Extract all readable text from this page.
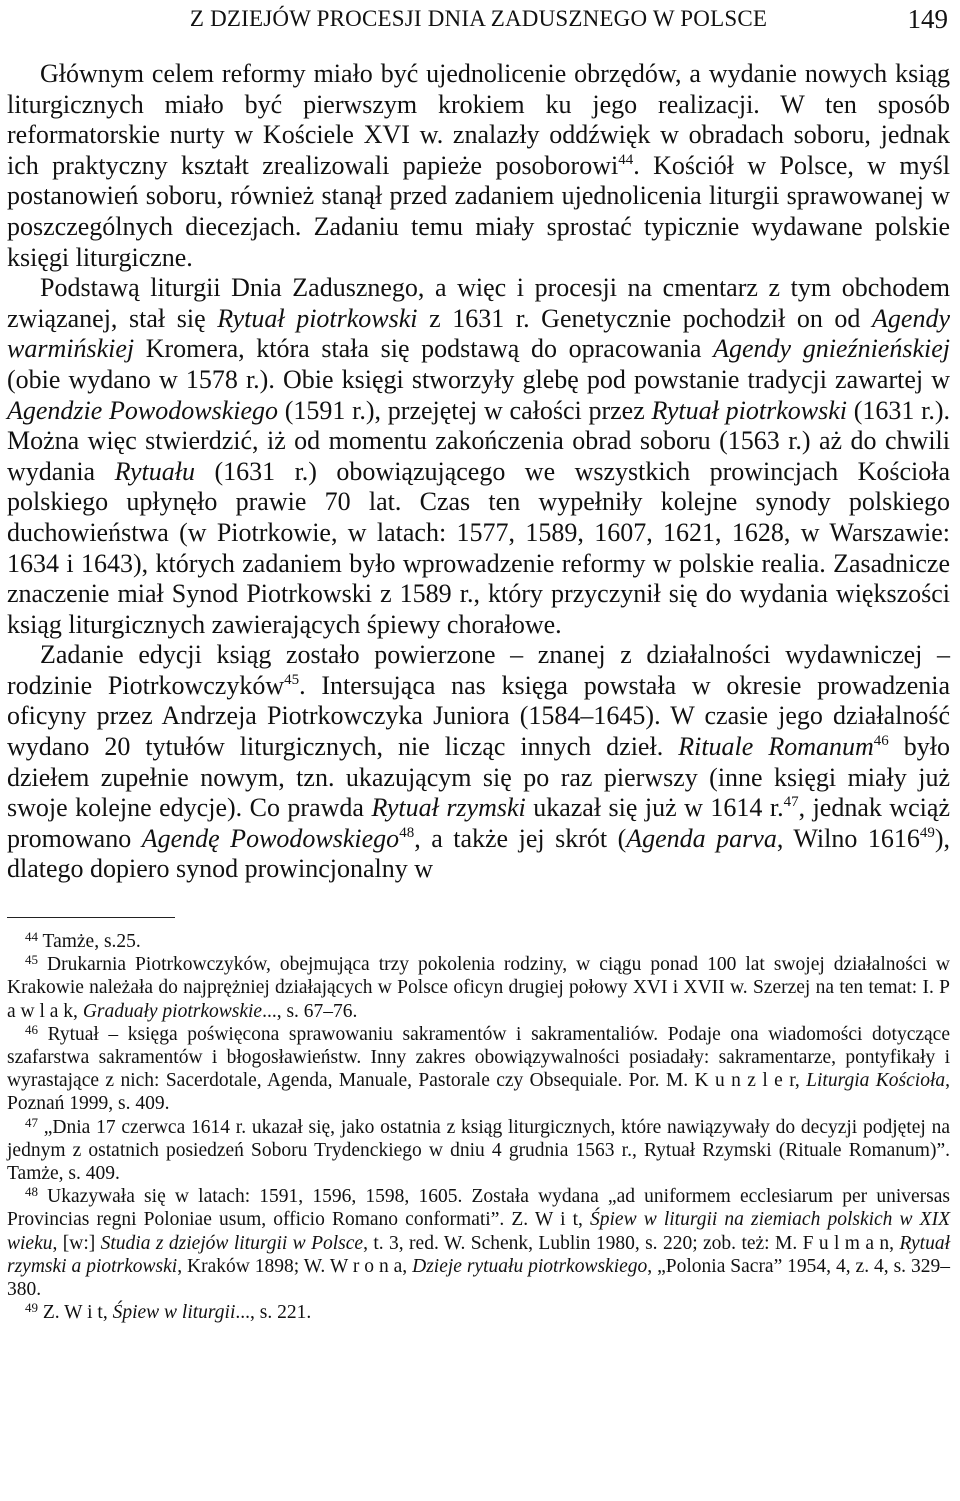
Z DZIEJÓW PROCESJI DNIA ZADUSZNEGO W POLSCE	149

Głównym celem reformy miało być ujednolicenie obrzędów, a wydanie nowych ksiąg liturgicznych miało być pierwszym krokiem ku jego realizacji. W ten sposób reformatorskie nurty w Kościele XVI w. znalazły oddźwięk w obradach soboru, jednak ich praktyczny kształt zrealizowali papieże posoborowi$^{44}$. Kościół w Polsce, w myśl postanowień soboru, również stanął przed zadaniem ujednolicenia liturgii sprawowanej w poszczególnych diecezjach. Zadaniu temu miały sprostać typicznie wydawane polskie księgi liturgiczne.

Podstawą liturgii Dnia Zadusznego, a więc i procesji na cmentarz z tym obchodem związanej, stał się Rytuał piotrkowski z 1631 r. Genetycznie pochodził on od Agendy warmińskiej Kromera, która stała się podstawą do opracowania Agendy gnieźnieńskiej (obie wydano w 1578 r.). Obie księgi stworzyły glebę pod powstanie tradycji zawartej w Agendzie Powodowskiego (1591 r.), przejętej w całości przez Rytuał piotrkowski (1631 r.). Można więc stwierdzić, iż od momentu zakończenia obrad soboru (1563 r.) aż do chwili wydania Rytuału (1631 r.) obowiązującego we wszystkich prowincjach Kościoła polskiego upłynęło prawie 70 lat. Czas ten wypełniły kolejne synody polskiego duchowieństwa (w Piotrkowie, w latach: 1577, 1589, 1607, 1621, 1628, w Warszawie: 1634 i 1643), których zadaniem było wprowadzenie reformy w polskie realia. Zasadnicze znaczenie miał Synod Piotrkowski z 1589 r., który przyczynił się do wydania większości ksiąg liturgicznych zawierających śpiewy chorałowe.

Zadanie edycji ksiąg zostało powierzone – znanej z działalności wydawniczej – rodzinie Piotrkowczyków$^{45}$. Intersująca nas księga powstała w okresie prowadzenia oficyny przez Andrzeja Piotrkowczyka Juniora (1584–1645). W czasie jego działalność wydano 20 tytułów liturgicznych, nie licząc innych dzieł. Rituale Romanum$^{46}$ było dziełem zupełnie nowym, tzn. ukazującym się po raz pierwszy (inne księgi miały już swoje kolejne edycje). Co prawda Rytuał rzymski ukazał się już w 1614 r.$^{47}$, jednak wciąż promowano Agendę Powodowskiego$^{48}$, a także jej skrót (Agenda parva, Wilno 1616$^{49}$), dlatego dopiero synod prowincjonalny w

$^{44}$ Tamże, s.25.

$^{45}$ Drukarnia Piotrkowczyków, obejmująca trzy pokolenia rodziny, w ciągu ponad 100 lat swojej działalności w Krakowie należała do najprężniej działających w Polsce oficyn drugiej połowy XVI i XVII w. Szerzej na ten temat: I. P a w l a k, Graduały piotrkowskie..., s. 67–76.

$^{46}$ Rytuał – księga poświęcona sprawowaniu sakramentów i sakramentaliów. Podaje ona wiadomości dotyczące szafarstwa sakramentów i błogosławieństw. Inny zakres obowiązywalności posiadały: sakramentarze, pontyfikały i wyrastające z nich: Sacerdotale, Agenda, Manuale, Pastorale czy Obsequiale. Por. M. K u n z l e r, Liturgia Kościoła, Poznań 1999, s. 409.

$^{47}$ „Dnia 17 czerwca 1614 r. ukazał się, jako ostatnia z ksiąg liturgicznych, które nawiązywały do decyzji podjętej na jednym z ostatnich posiedzeń Soboru Trydenckiego w dniu 4 grudnia 1563 r., Rytuał Rzymski (Rituale Romanum)”. Tamże, s. 409.

$^{48}$ Ukazywała się w latach: 1591, 1596, 1598, 1605. Została wydana „ad uniformem ecclesiarum per universas Provincias regni Poloniae usum, officio Romano conformati”. Z. W i t, Śpiew w liturgii na ziemiach polskich w XIX wieku, [w:] Studia z dziejów liturgii w Polsce, t. 3, red. W. Schenk, Lublin 1980, s. 220; zob. też: M. F u l m a n, Rytuał rzymski a piotrkowski, Kraków 1898; W. W r o n a, Dzieje rytuału piotrkowskiego, „Polonia Sacra” 1954, 4, z. 4, s. 329–380.

$^{49}$ Z. W i t, Śpiew w liturgii..., s. 221.
